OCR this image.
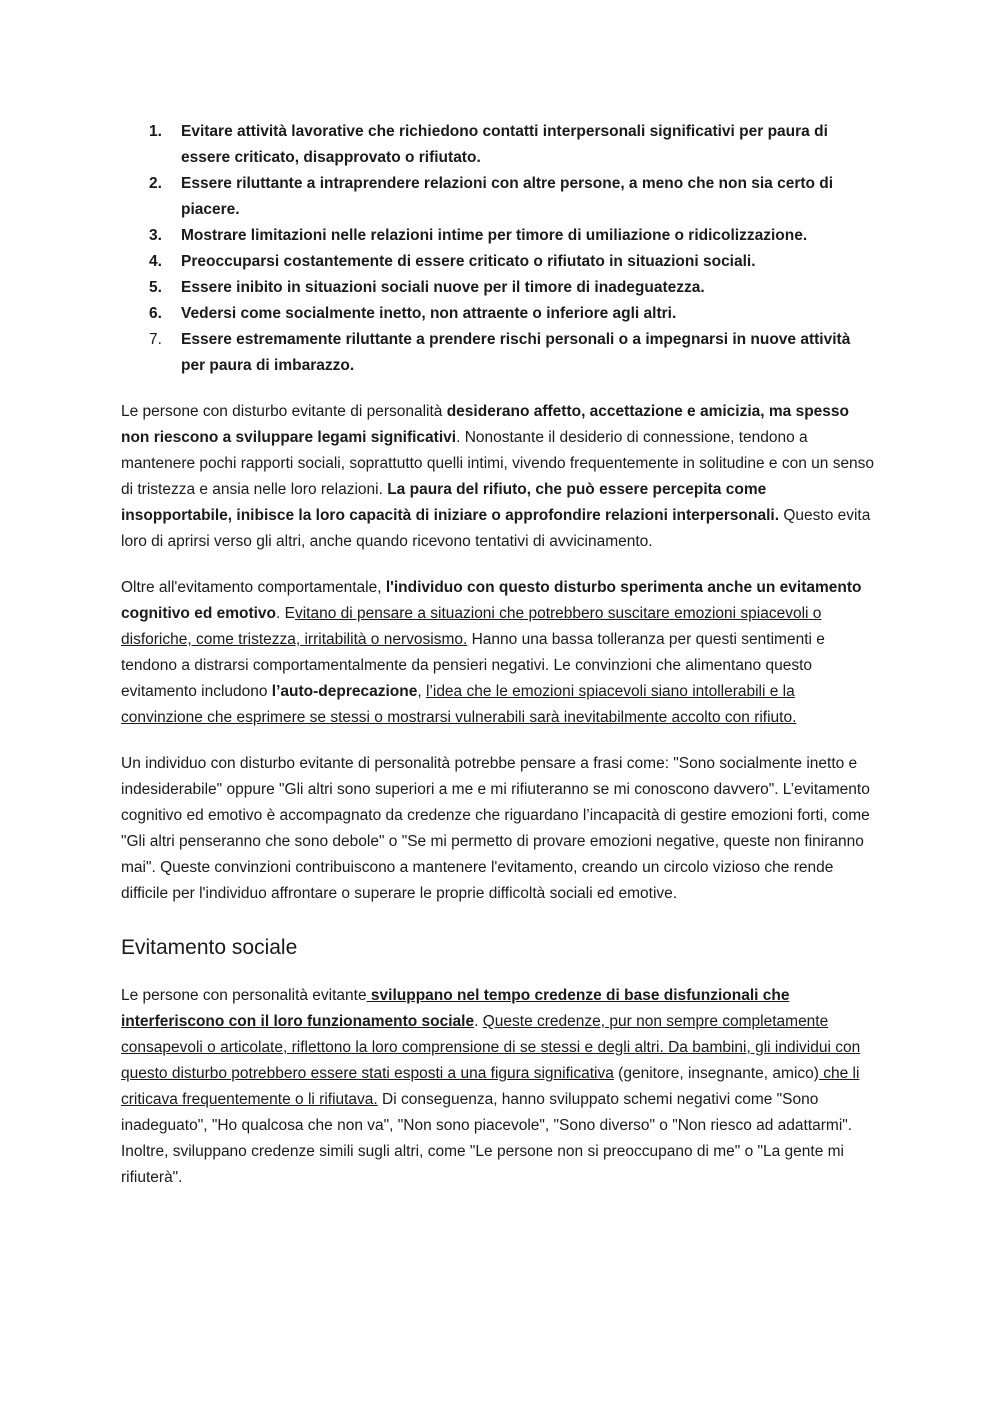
1. Evitare attività lavorative che richiedono contatti interpersonali significativi per paura di essere criticato, disapprovato o rifiutato.
2. Essere riluttante a intraprendere relazioni con altre persone, a meno che non sia certo di piacere.
3. Mostrare limitazioni nelle relazioni intime per timore di umiliazione o ridicolizzazione.
4. Preoccuparsi costantemente di essere criticato o rifiutato in situazioni sociali.
5. Essere inibito in situazioni sociali nuove per il timore di inadeguatezza.
6. Vedersi come socialmente inetto, non attraente o inferiore agli altri.
7. Essere estremamente riluttante a prendere rischi personali o a impegnarsi in nuove attività per paura di imbarazzo.

Le persone con disturbo evitante di personalità desiderano affetto, accettazione e amicizia, ma spesso non riescono a sviluppare legami significativi. Nonostante il desiderio di connessione, tendono a mantenere pochi rapporti sociali, soprattutto quelli intimi, vivendo frequentemente in solitudine e con un senso di tristezza e ansia nelle loro relazioni. La paura del rifiuto, che può essere percepita come insopportabile, inibisce la loro capacità di iniziare o approfondire relazioni interpersonali. Questo evita loro di aprirsi verso gli altri, anche quando ricevono tentativi di avvicinamento.

Oltre all'evitamento comportamentale, l'individuo con questo disturbo sperimenta anche un evitamento cognitivo ed emotivo. Evitano di pensare a situazioni che potrebbero suscitare emozioni spiacevoli o disforiche, come tristezza, irritabilità o nervosismo. Hanno una bassa tolleranza per questi sentimenti e tendono a distrarsi comportamentalmente da pensieri negativi. Le convinzioni che alimentano questo evitamento includono l’auto-deprecazione, l’idea che le emozioni spiacevoli siano intollerabili e la convinzione che esprimere se stessi o mostrarsi vulnerabili sarà inevitabilmente accolto con rifiuto.

Un individuo con disturbo evitante di personalità potrebbe pensare a frasi come: "Sono socialmente inetto e indesiderabile" oppure "Gli altri sono superiori a me e mi rifiuteranno se mi conoscono davvero". L’evitamento cognitivo ed emotivo è accompagnato da credenze che riguardano l’incapacità di gestire emozioni forti, come "Gli altri penseranno che sono debole" o "Se mi permetto di provare emozioni negative, queste non finiranno mai". Queste convinzioni contribuiscono a mantenere l'evitamento, creando un circolo vizioso che rende difficile per l'individuo affrontare o superare le proprie difficoltà sociali ed emotive.

Evitamento sociale

Le persone con personalità evitante sviluppano nel tempo credenze di base disfunzionali che interferiscono con il loro funzionamento sociale. Queste credenze, pur non sempre completamente consapevoli o articolate, riflettono la loro comprensione di se stessi e degli altri. Da bambini, gli individui con questo disturbo potrebbero essere stati esposti a una figura significativa (genitore, insegnante, amico) che li criticava frequentemente o li rifiutava. Di conseguenza, hanno sviluppato schemi negativi come "Sono inadeguato", "Ho qualcosa che non va", "Non sono piacevole", "Sono diverso" o "Non riesco ad adattarmi". Inoltre, sviluppano credenze simili sugli altri, come "Le persone non si preoccupano di me" o "La gente mi rifiuterà".
